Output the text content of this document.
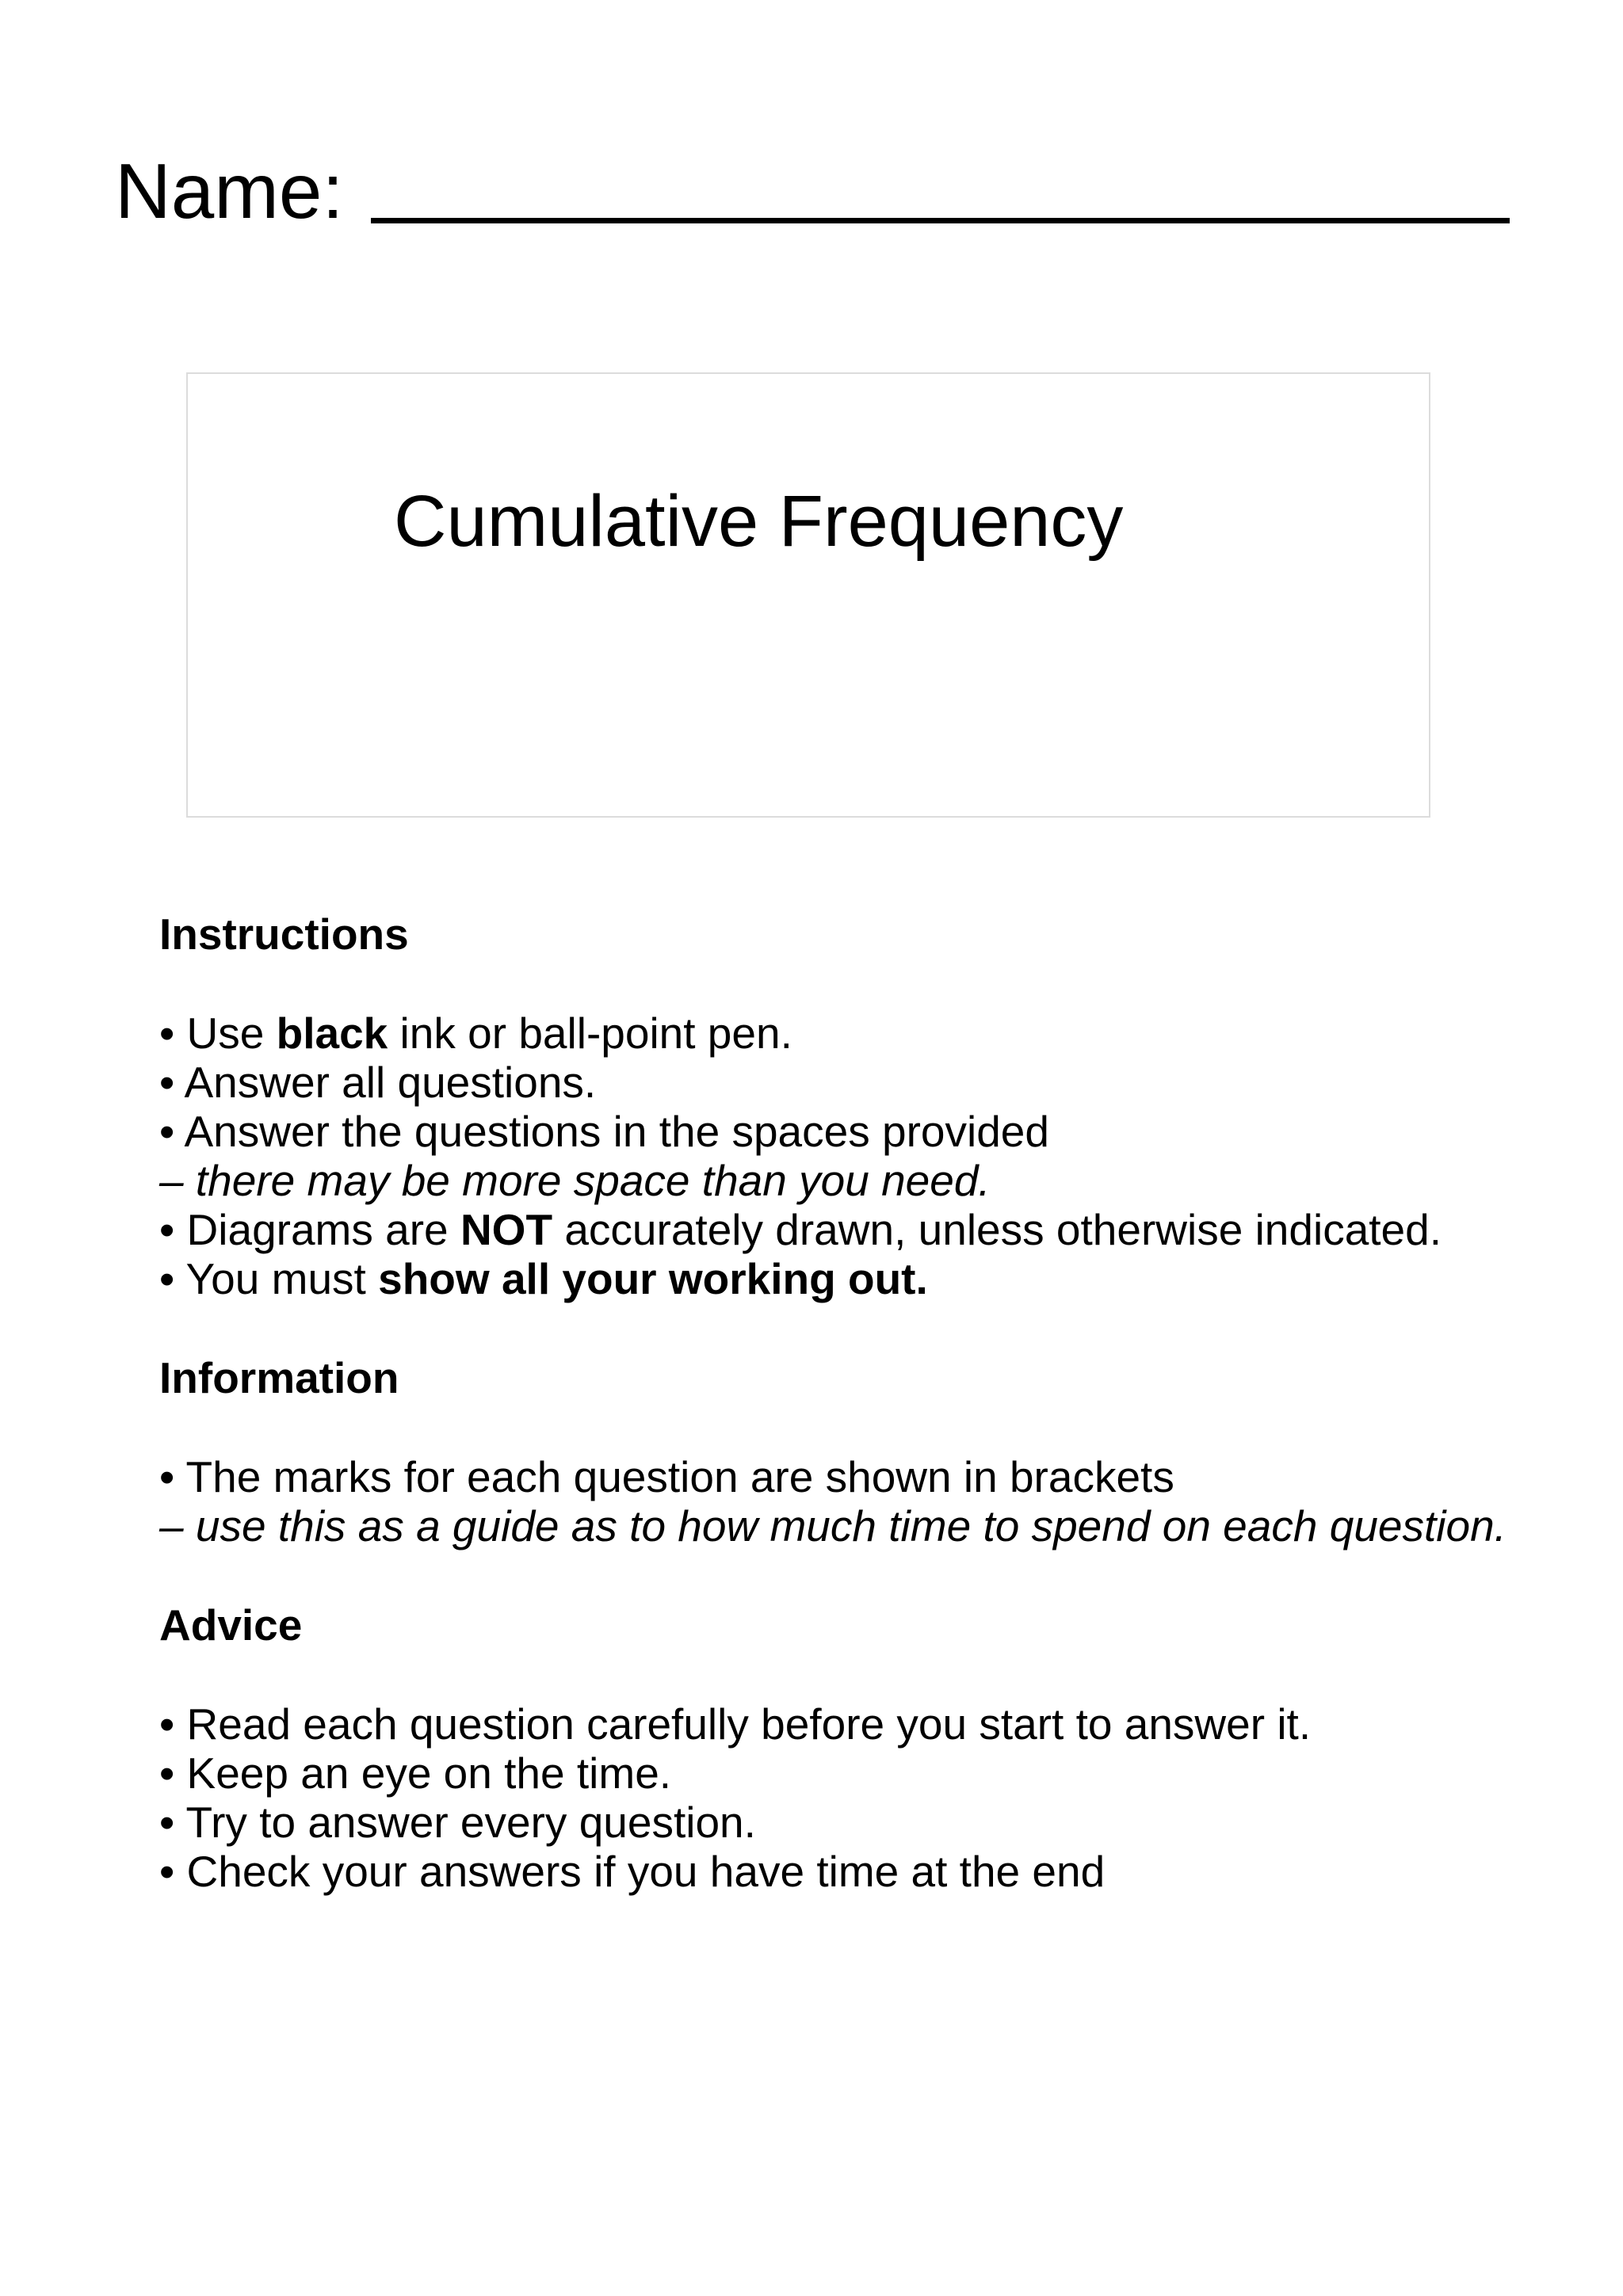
Name:
Cumulative Frequency
Instructions
• Use black ink or ball-point pen.
• Answer all questions.
• Answer the questions in the spaces provided
– there may be more space than you need.
• Diagrams are NOT accurately drawn, unless otherwise indicated.
• You must show all your working out.
Information
• The marks for each question are shown in brackets
– use this as a guide as to how much time to spend on each question.
Advice
• Read each question carefully before you start to answer it.
• Keep an eye on the time.
• Try to answer every question.
• Check your answers if you have time at the end
